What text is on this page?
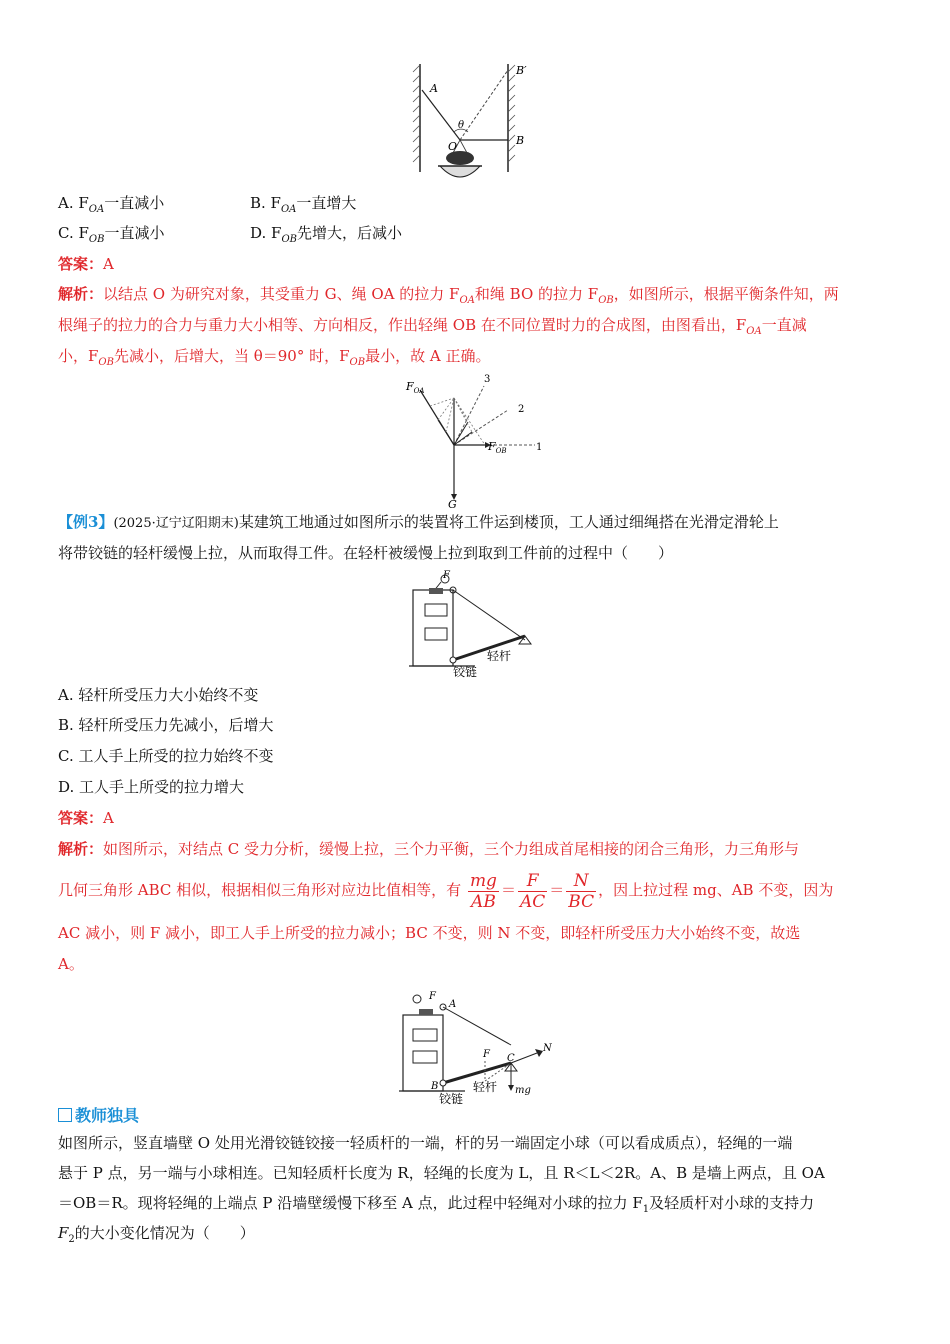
A
B′
θ
O	B
A. $F_{OA}$一直减小	B. $F_{OA}$一直增大
C. $F_{OB}$一直减小	D. $F_{OB}$先增大，后减小
答案：A
解析：以结点 O 为研究对象，其受重力 G、绳 OA 的拉力 $F_{OA}$和绳 BO 的拉力 $F_{OB}$，如图所示，根据平衡条件知，两
根绳子的拉力的合力与重力大小相等、方向相反，作出轻绳 OB 在不同位置时力的合成图，由图看出，$F_{OA}$一直减
小，$F_{OB}$先减小，后增大，当 θ＝90° 时，$F_{OB}$最小，故 A 正确。
$F_{OA}$
3
2
$F_{OB}$	1
G
【例3】(2025·辽宁辽阳期末)某建筑工地通过如图所示的装置将工件运到楼顶，工人通过细绳搭在光滑定滑轮上
将带铰链的轻杆缓慢上拉，从而取得工件。在轻杆被缓慢上拉到取到工件前的过程中（　　）
F
轻杆
铰链
A. 轻杆所受压力大小始终不变
B. 轻杆所受压力先减小，后增大
C. 工人手上所受的拉力始终不变
D. 工人手上所受的拉力增大
答案：A
解析：如图所示，对结点 C 受力分析，缓慢上拉，三个力平衡，三个力组成首尾相接的闭合三角形，力三角形与
几何三角形 ABC 相似，根据相似三角形对应边比值相等，有 $\frac{mg}{AB} = \frac{F}{AC} = \frac{N}{BC}$ ，因上拉过程 mg、AB 不变，因为
AC 减小，则 F 减小，即工人手上所受的拉力减小；BC 不变，则 N 不变，即轻杆所受压力大小始终不变，故选
A。
F
A
F C
N
B	轻杆
铰链
mg
教师独具
如图所示，竖直墙壁 O 处用光滑铰链铰接一轻质杆的一端，杆的另一端固定小球（可以看成质点），轻绳的一端
悬于 P 点，另一端与小球相连。已知轻质杆长度为 R，轻绳的长度为 L，且 R＜L＜2R。A、B 是墙上两点，且 OA
＝OB＝R。现将轻绳的上端点 P 沿墙壁缓慢下移至 A 点，此过程中轻绳对小球的拉力 $F_1$及轻质杆对小球的支持力
$F_2$的大小变化情况为（　　）
